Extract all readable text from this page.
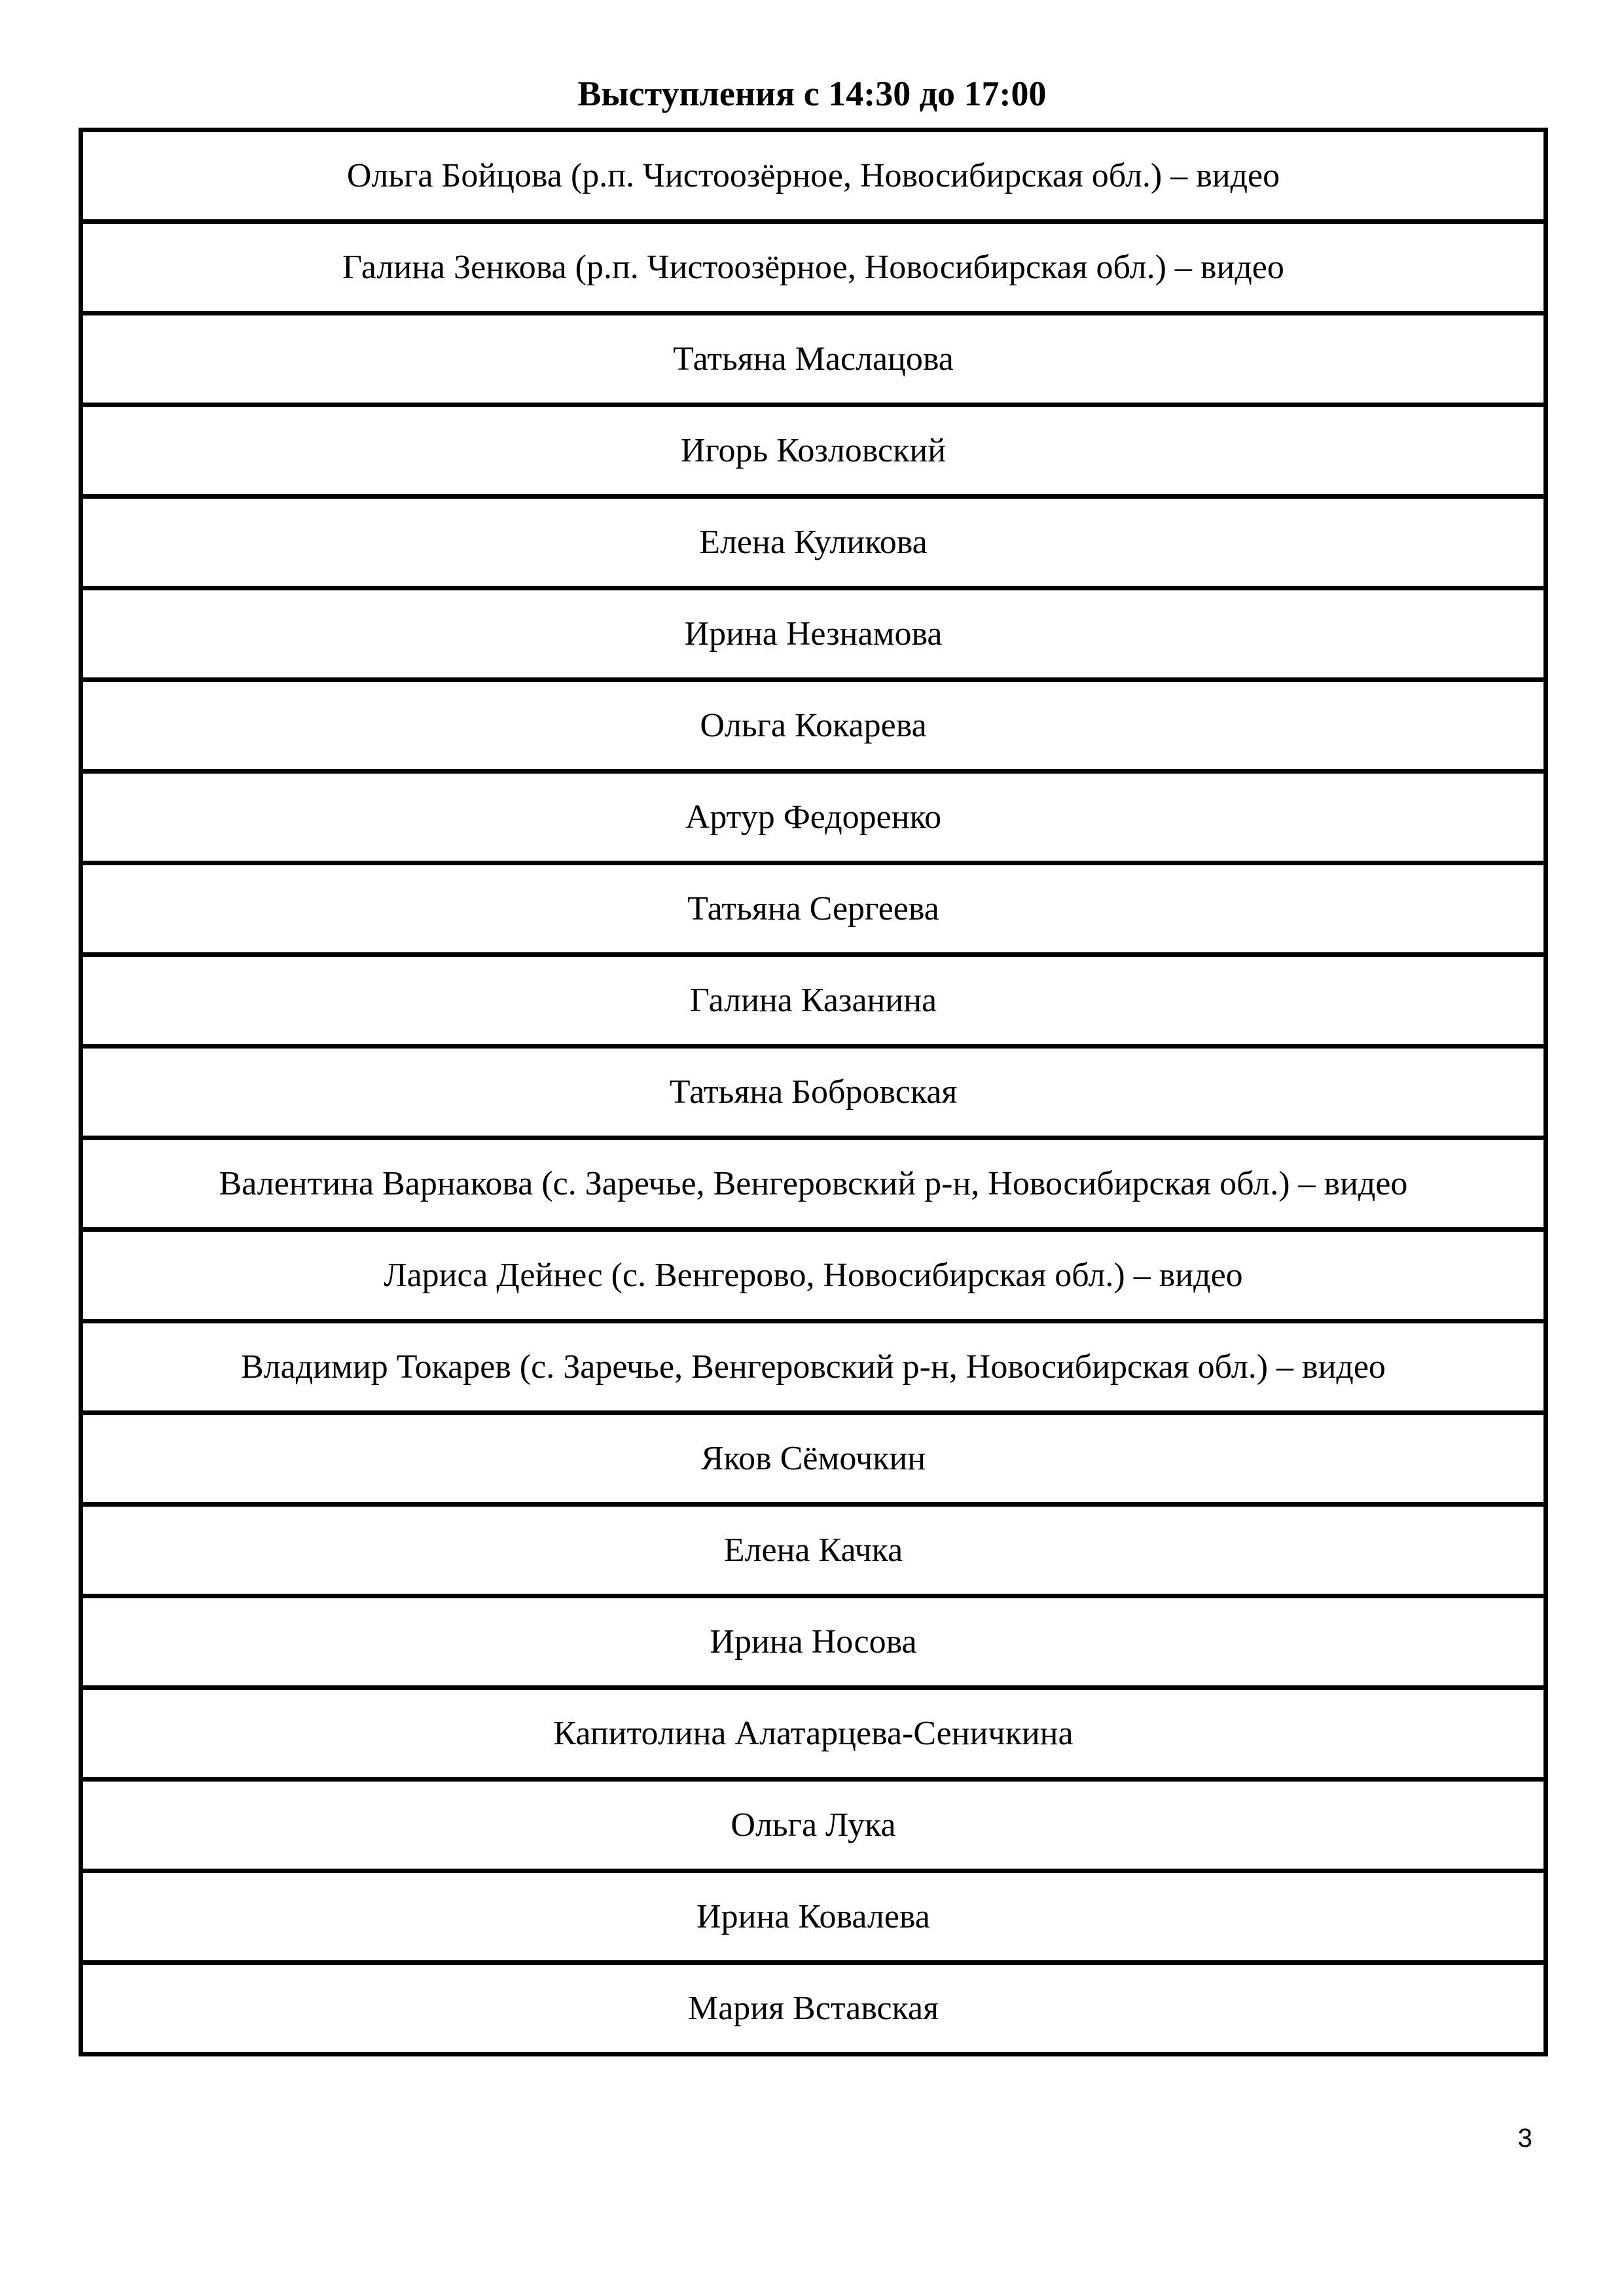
Выступления с 14:30 до 17:00
Ольга Бойцова (р.п. Чистоозёрное, Новосибирская обл.) – видео
Галина Зенкова (р.п. Чистоозёрное, Новосибирская обл.) – видео
Татьяна Маслацова
Игорь Козловский
Елена Куликова
Ирина Незнамова
Ольга Кокарева
Артур Федоренко
Татьяна Сергеева
Галина Казанина
Татьяна Бобровская
Валентина Варнакова (с. Заречье, Венгеровский р-н, Новосибирская обл.) – видео
Лариса Дейнес (с. Венгерово, Новосибирская обл.) – видео
Владимир Токарев (с. Заречье, Венгеровский р-н, Новосибирская обл.) – видео
Яков Сёмочкин
Елена Качка
Ирина Носова
Капитолина Алатарцева-Сеничкина
Ольга Лука
Ирина Ковалева
Мария Вставская
3
